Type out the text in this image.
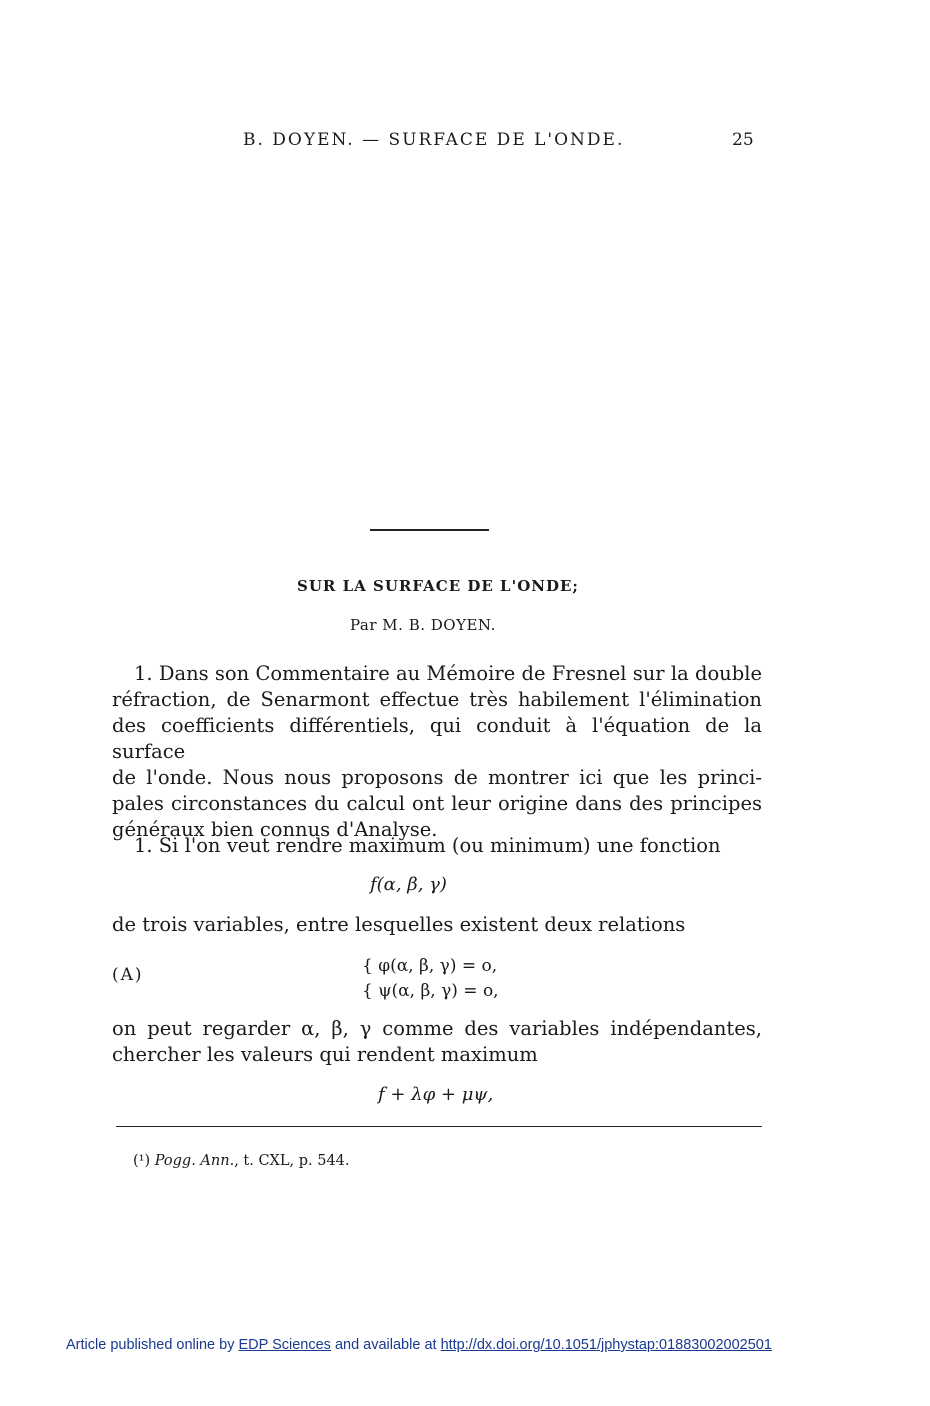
B. DOYEN. — SURFACE DE L'ONDE.	25
SUR LA SURFACE DE L'ONDE;
Par M. B. DOYEN.
1. Dans son Commentaire au Mémoire de Fresnel sur la double
réfraction, de Senarmont effectue très habilement l'élimination
des coefficients différentiels, qui conduit à l'équation de la surface
de l'onde. Nous nous proposons de montrer ici que les princi-
pales circonstances du calcul ont leur origine dans des principes
généraux bien connus d'Analyse.
1. Si l'on veut rendre maximum (ou minimum) une fonction
f(α, β, γ)
de trois variables, entre lesquelles existent deux relations
(A)	{ φ(α, β, γ) = o,
{ ψ(α, β, γ) = o,
on peut regarder α, β, γ comme des variables indépendantes,
chercher les valeurs qui rendent maximum
f + λφ + μψ,
(¹) Pogg. Ann., t. CXL, p. 544.
Article published online by EDP Sciences and available at http://dx.doi.org/10.1051/jphystap:01883002002501
